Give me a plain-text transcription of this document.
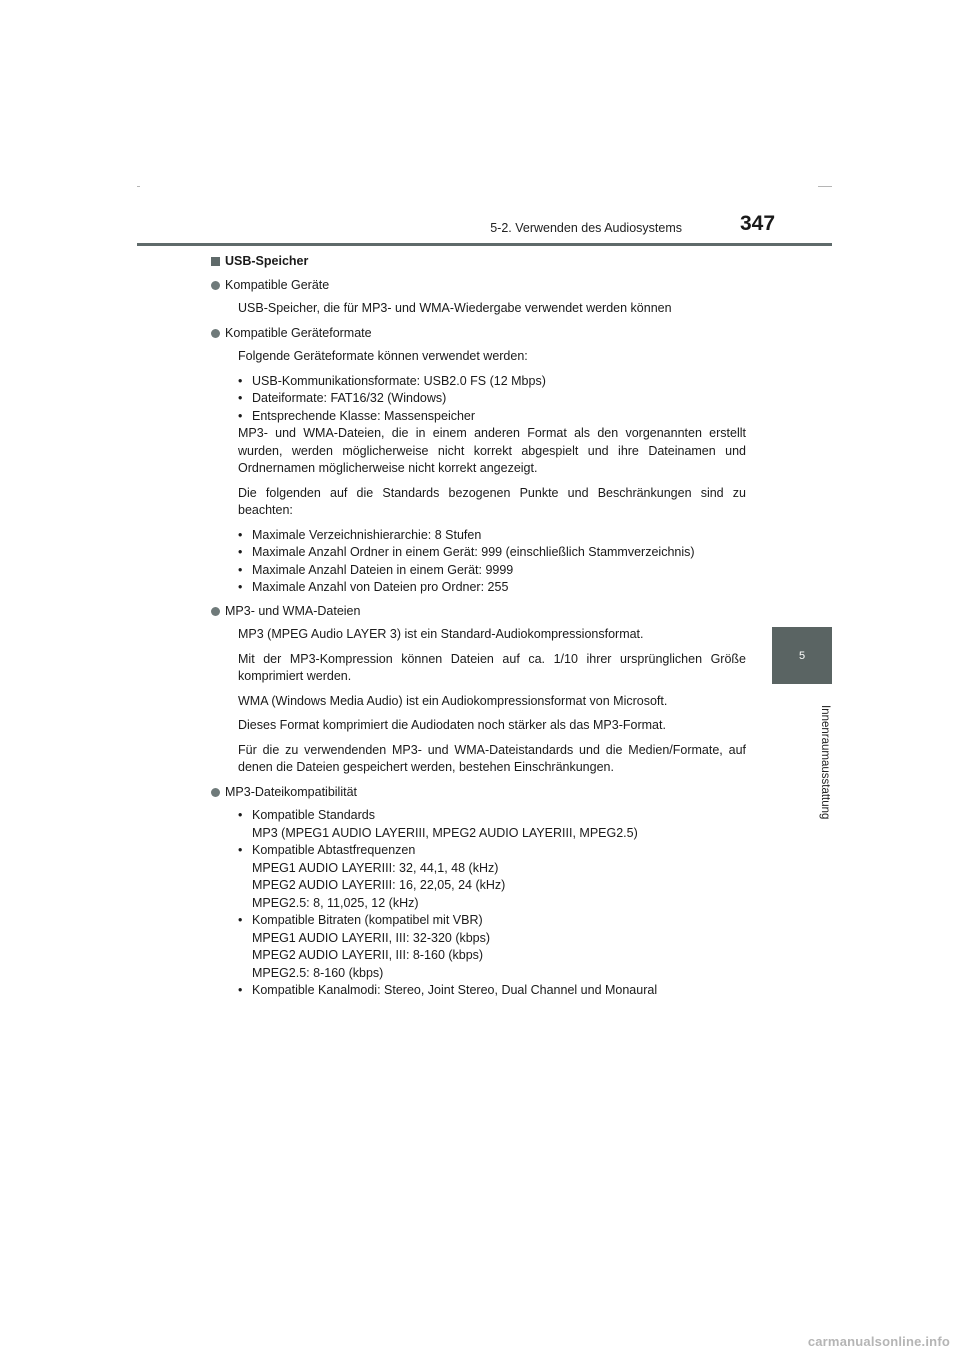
5-2. Verwenden des Audiosystems	347
5
Innenraumausstattung
USB-Speicher
Kompatible Geräte

USB-Speicher, die für MP3- und WMA-Wiedergabe verwendet werden können

Kompatible Geräteformate

Folgende Geräteformate können verwendet werden:

• USB-Kommunikationsformate: USB2.0 FS (12 Mbps)
• Dateiformate: FAT16/32 (Windows)
• Entsprechende Klasse: Massenspeicher

MP3- und WMA-Dateien, die in einem anderen Format als den vorgenannten erstellt wurden, werden möglicherweise nicht korrekt abgespielt und ihre Dateinamen und Ordnernamen möglicherweise nicht korrekt angezeigt.

Die folgenden auf die Standards bezogenen Punkte und Beschränkungen sind zu beachten:

• Maximale Verzeichnishierarchie: 8 Stufen
• Maximale Anzahl Ordner in einem Gerät: 999 (einschließlich Stammverzeichnis)
• Maximale Anzahl Dateien in einem Gerät: 9999
• Maximale Anzahl von Dateien pro Ordner: 255
MP3- und WMA-Dateien

MP3 (MPEG Audio LAYER 3) ist ein Standard-Audiokompressionsformat.

Mit der MP3-Kompression können Dateien auf ca. 1/10 ihrer ursprünglichen Größe komprimiert werden.

WMA (Windows Media Audio) ist ein Audiokompressionsformat von Microsoft.

Dieses Format komprimiert die Audiodaten noch stärker als das MP3-Format.

Für die zu verwendenden MP3- und WMA-Dateistandards und die Medien/Formate, auf denen die Dateien gespeichert werden, bestehen Einschränkungen.

MP3-Dateikompatibilität
• Kompatible Standards
MP3 (MPEG1 AUDIO LAYERIII, MPEG2 AUDIO LAYERIII, MPEG2.5)
• Kompatible Abtastfrequenzen
MPEG1 AUDIO LAYERIII: 32, 44,1, 48 (kHz)
MPEG2 AUDIO LAYERIII: 16, 22,05, 24 (kHz)
MPEG2.5: 8, 11,025, 12 (kHz)
• Kompatible Bitraten (kompatibel mit VBR)
MPEG1 AUDIO LAYERII, III: 32-320 (kbps)
MPEG2 AUDIO LAYERII, III: 8-160 (kbps)
MPEG2.5: 8-160 (kbps)
• Kompatible Kanalmodi: Stereo, Joint Stereo, Dual Channel und Monaural
carmanualsonline.info
